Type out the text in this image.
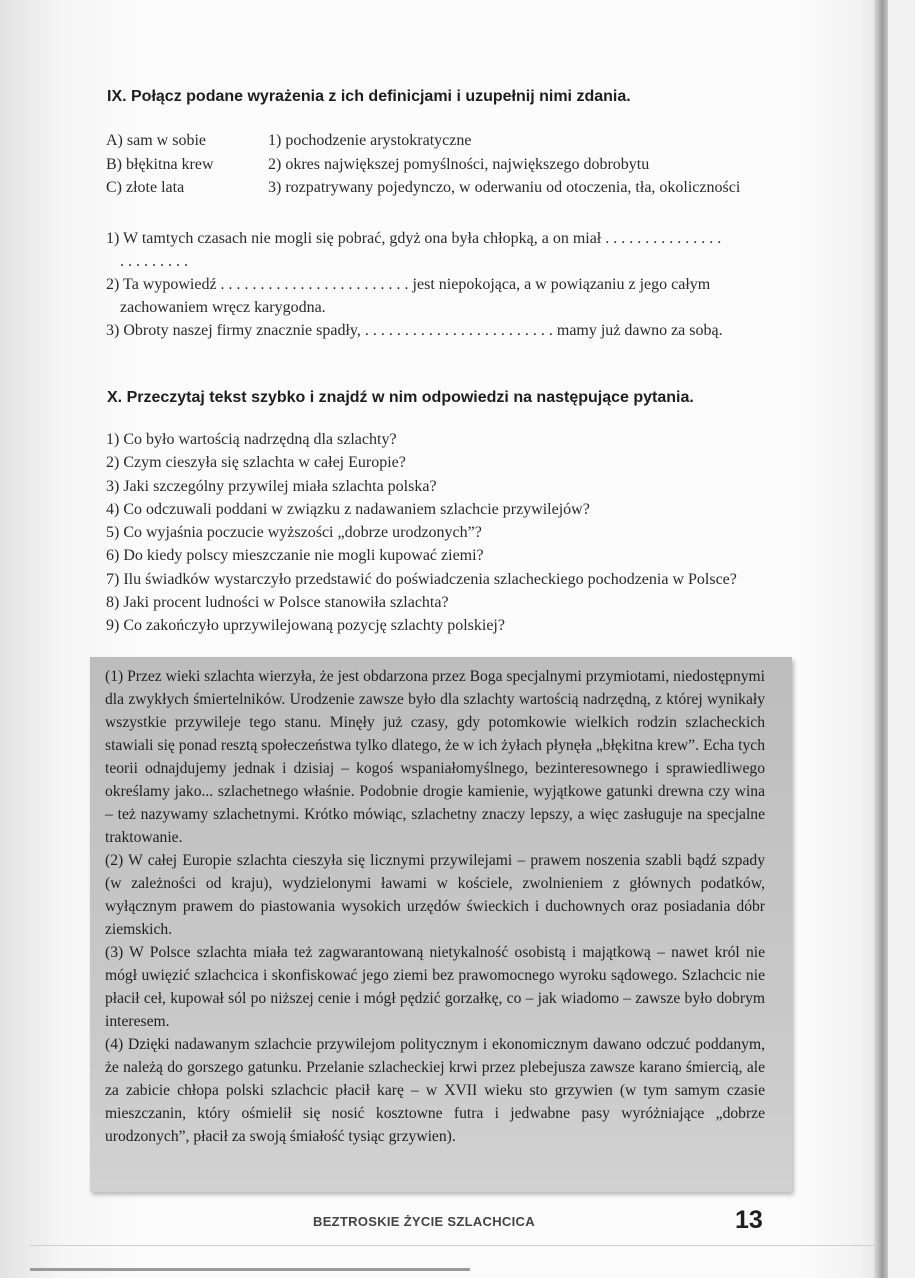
IX. Połącz podane wyrażenia z ich definicjami i uzupełnij nimi zdania.
A) sam w sobie	1) pochodzenie arystokratyczne
B) błękitna krew	2) okres największej pomyślności, największego dobrobytu
C) złote lata	3) rozpatrywany pojedynczo, w oderwaniu od otoczenia, tła, okoliczności

1) W tamtych czasach nie mogli się pobrać, gdyż ona była chłopką, a on miał . . . . . . . . . . . . . . .

. . . . . . . . .

2) Ta wypowiedź . . . . . . . . . . . . . . . . . . . . . . . . jest niepokojąca, a w powiązaniu z jego całym

zachowaniem wręcz karygodna.

3) Obroty naszej firmy znacznie spadły, . . . . . . . . . . . . . . . . . . . . . . . . mamy już dawno za sobą.

X. Przeczytaj tekst szybko i znajdź w nim odpowiedzi na następujące pytania.
1) Co było wartością nadrzędną dla szlachty?
2) Czym cieszyła się szlachta w całej Europie?
3) Jaki szczególny przywilej miała szlachta polska?
4) Co odczuwali poddani w związku z nadawaniem szlachcie przywilejów?
5) Co wyjaśnia poczucie wyższości „dobrze urodzonych”?
6) Do kiedy polscy mieszczanie nie mogli kupować ziemi?
7) Ilu świadków wystarczyło przedstawić do poświadczenia szlacheckiego pochodzenia w Polsce?
8) Jaki procent ludności w Polsce stanowiła szlachta?
9) Co zakończyło uprzywilejowaną pozycję szlachty polskiej?

(1) Przez wieki szlachta wierzyła, że jest obdarzona przez Boga specjalnymi przymiotami, niedostępnymi dla zwykłych śmiertelników. Urodzenie zawsze było dla szlachty wartością nadrzędną, z której wynikały wszystkie przywileje tego stanu. Minęły już czasy, gdy potomkowie wielkich rodzin szlacheckich stawiali się ponad resztą społeczeństwa tylko dlatego, że w ich żyłach płynęła „błękitna krew”. Echa tych teorii odnajdujemy jednak i dzisiaj – kogoś wspaniałomyślnego, bezinteresownego i sprawiedliwego określamy jako... szlachetnego właśnie. Podobnie drogie kamienie, wyjątkowe gatunki drewna czy wina – też nazywamy szlachetnymi. Krótko mówiąc, szlachetny znaczy lepszy, a więc zasługuje na specjalne traktowanie.

(2) W całej Europie szlachta cieszyła się licznymi przywilejami – prawem noszenia szabli bądź szpady (w zależności od kraju), wydzielonymi ławami w kościele, zwolnieniem z głównych podatków, wyłącznym prawem do piastowania wysokich urzędów świeckich i duchownych oraz posiadania dóbr ziemskich.

(3) W Polsce szlachta miała też zagwarantowaną nietykalność osobistą i majątkową – nawet król nie mógł uwięzić szlachcica i skonfiskować jego ziemi bez prawomocnego wyroku sądowego. Szlachcic nie płacił ceł, kupował sól po niższej cenie i mógł pędzić gorzałkę, co – jak wiadomo – zawsze było dobrym interesem.

(4) Dzięki nadawanym szlachcie przywilejom politycznym i ekonomicznym dawano odczuć poddanym, że należą do gorszego gatunku. Przelanie szlacheckiej krwi przez plebejusza zawsze karano śmiercią, ale za zabicie chłopa polski szlachcic płacił karę – w XVII wieku sto grzywien (w tym samym czasie mieszczanin, który ośmielił się nosić kosztowne futra i jedwabne pasy wyróżniające „dobrze urodzonych”, płacił za swoją śmiałość tysiąc grzywien).

BEZTROSKIE ŻYCIE SZLACHCICA	13
